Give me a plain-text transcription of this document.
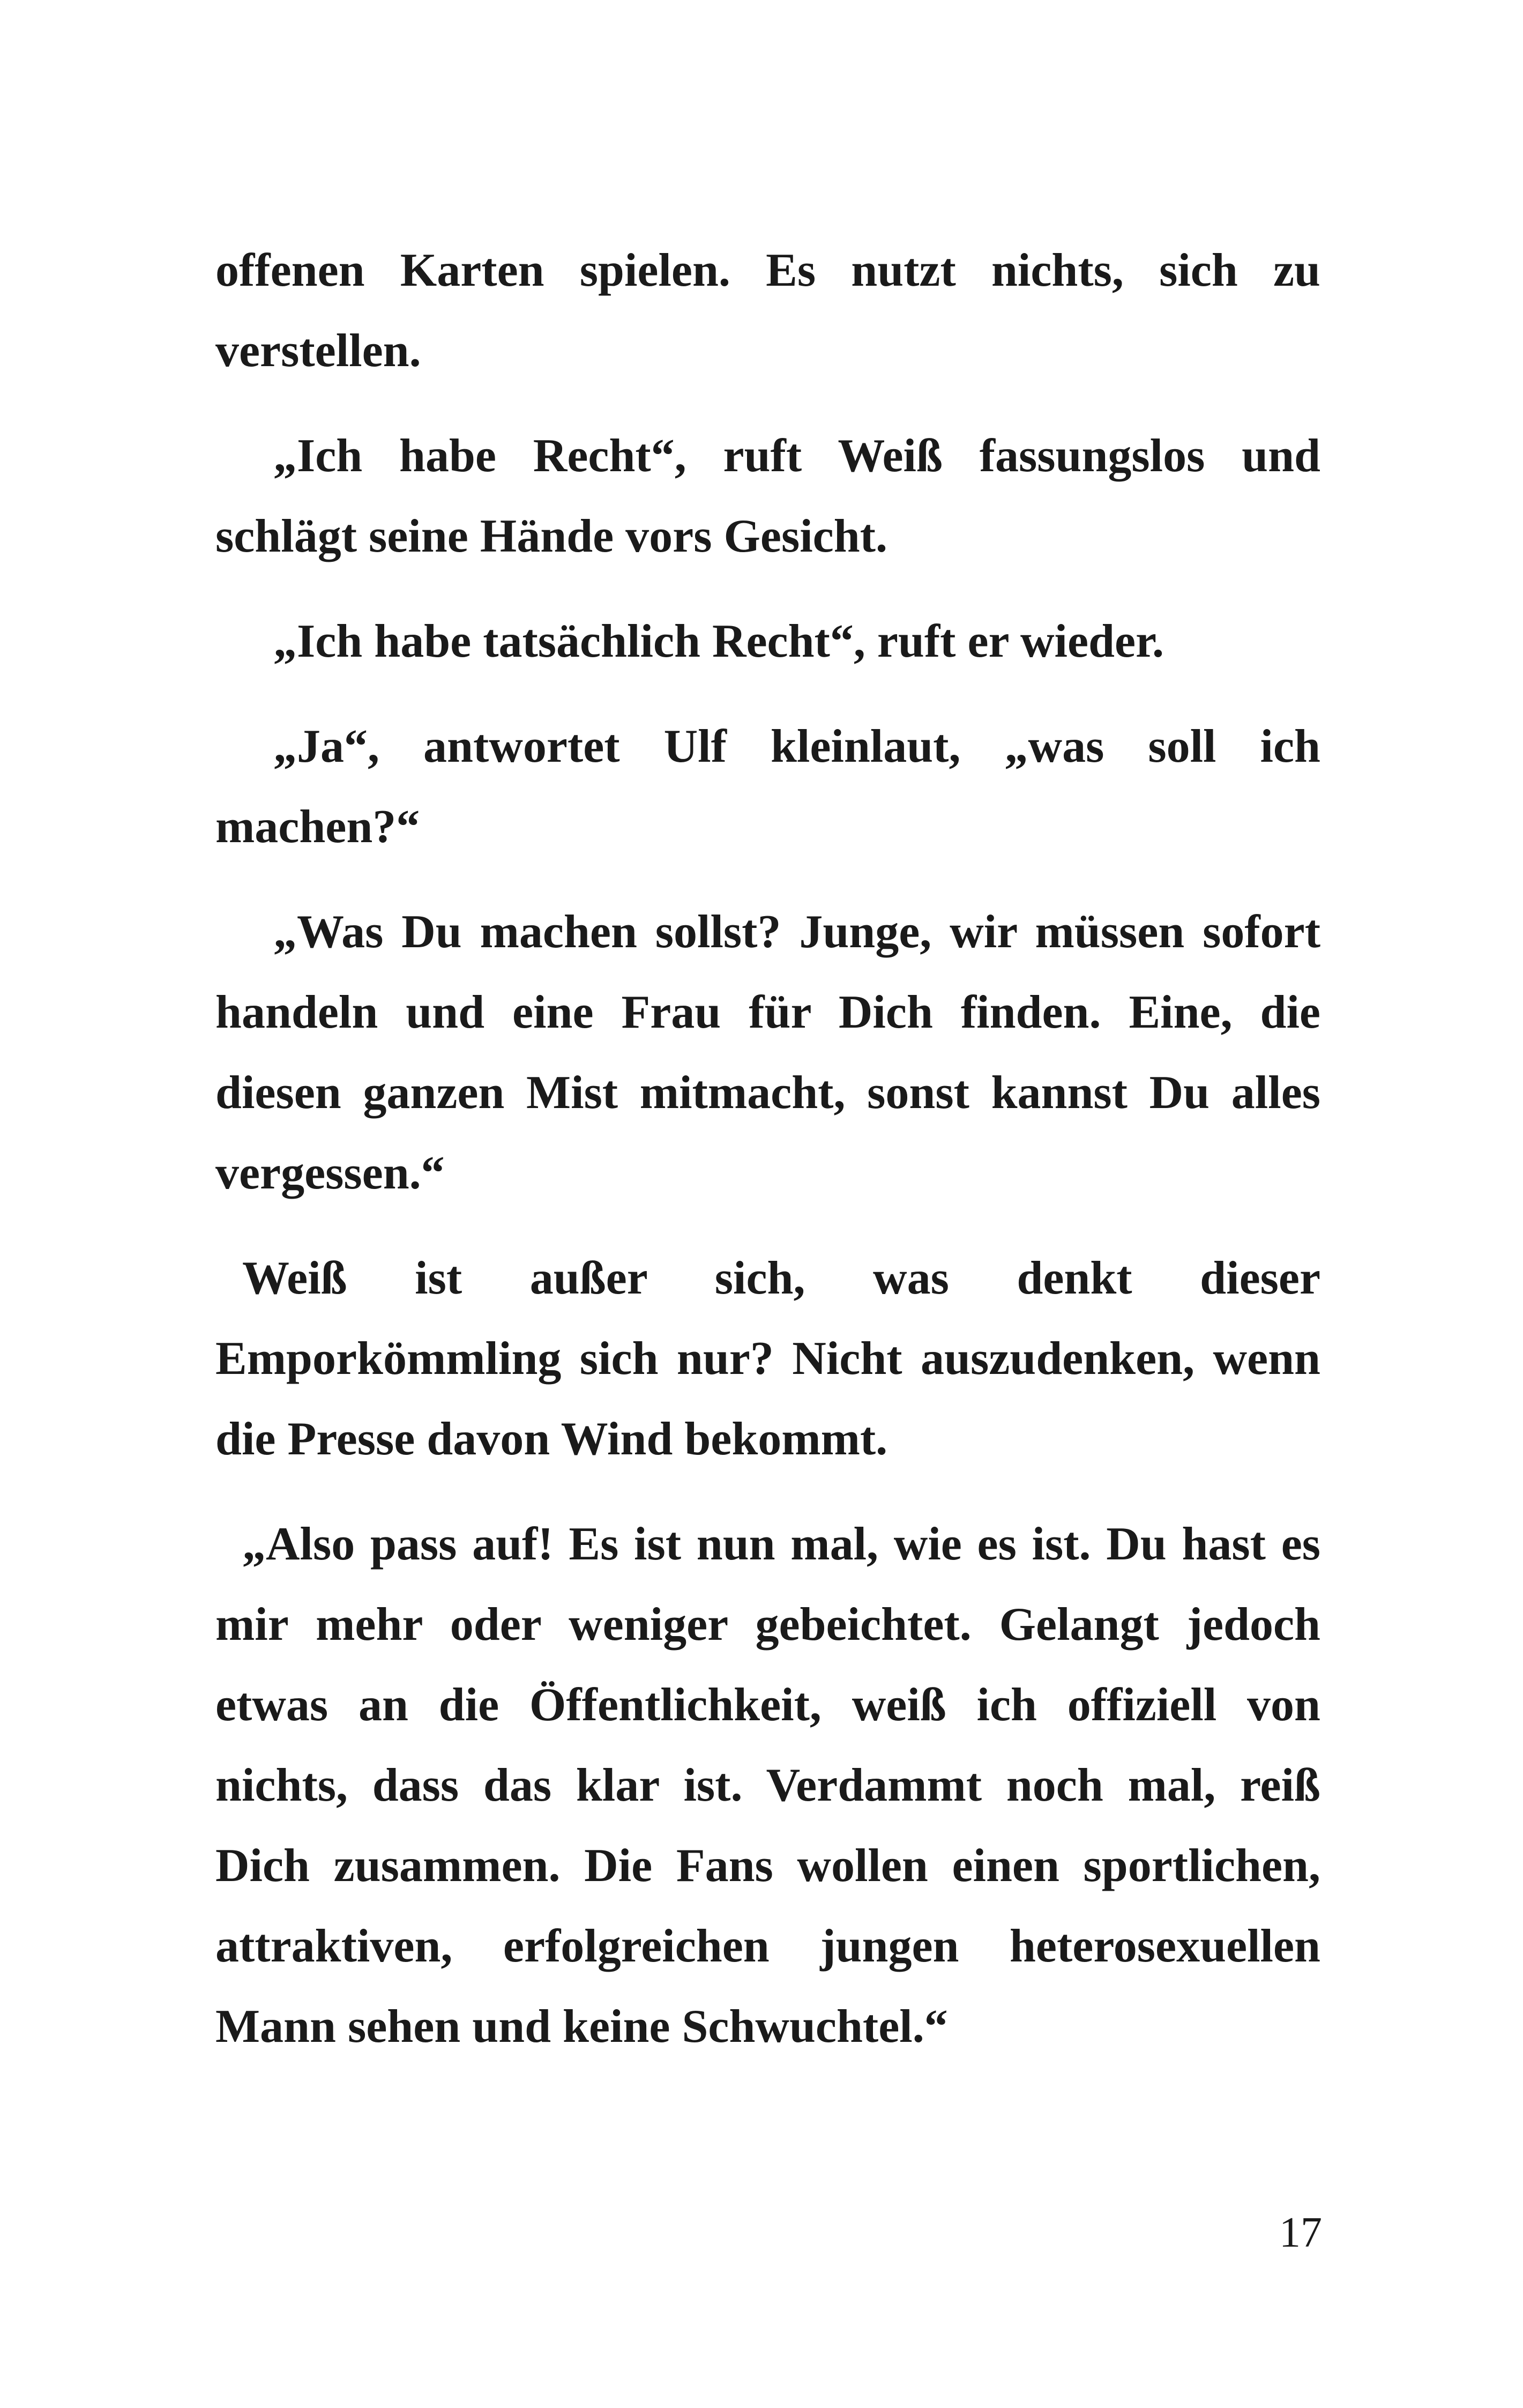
offenen Karten spielen. Es nutzt nichts, sich zu verstellen.

„Ich habe Recht“, ruft Weiß fassungslos und schlägt seine Hände vors Gesicht.

„Ich habe tatsächlich Recht“, ruft er wieder.

„Ja“, antwortet Ulf kleinlaut, „was soll ich machen?“

„Was Du machen sollst? Junge, wir müssen sofort handeln und eine Frau für Dich finden. Eine, die diesen ganzen Mist mitmacht, sonst kannst Du alles vergessen.“

Weiß ist außer sich, was denkt dieser Emporkömmling sich nur? Nicht auszudenken, wenn die Presse davon Wind bekommt.

„Also pass auf! Es ist nun mal, wie es ist. Du hast es mir mehr oder weniger gebeichtet. Gelangt jedoch etwas an die Öffentlichkeit, weiß ich offiziell von nichts, dass das klar ist. Verdammt noch mal, reiß Dich zusammen. Die Fans wollen einen sportlichen, attraktiven, erfolgreichen jungen heterosexuellen Mann sehen und keine Schwuchtel.“

17
